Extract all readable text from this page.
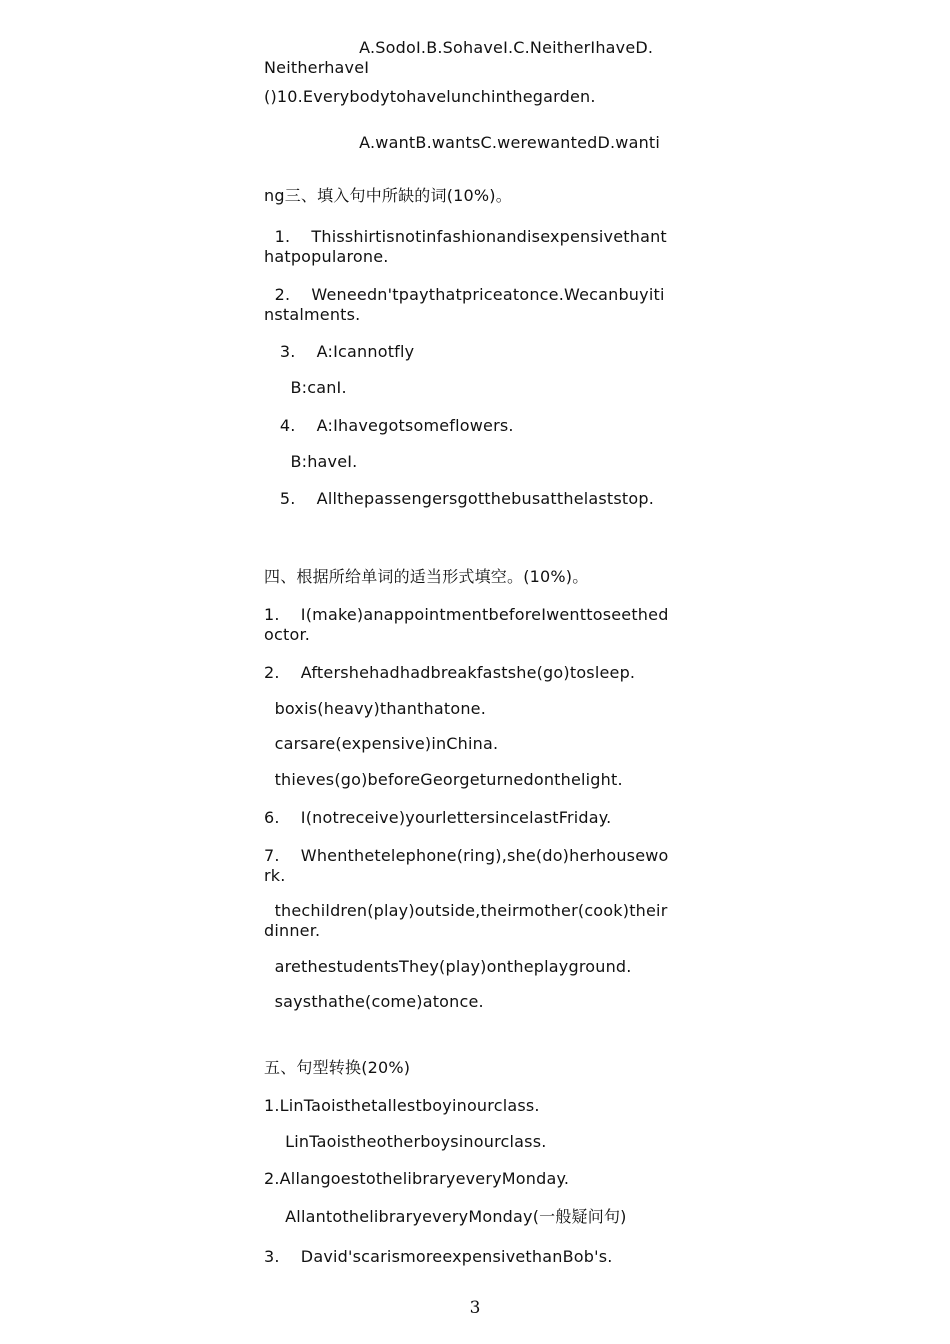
A.SodoI.B.SohaveI.C.NeitherIhaveD.
NeitherhaveI

()10.Everybodytohavelunchinthegarden.

A.wantB.wantsC.werewantedD.wanti

ng三、填入句中所缺的词(10%)。

1.    Thisshirtisnotinfashionandisexpensivethant
hatpopularone.

2.    Weneedn'tpaythatpriceatonce.Wecanbuyiti
nstalments.

3.    A:Icannotfly

B:canI.

4.    A:Ihavegotsomeflowers.

B:haveI.

5.    Allthepassengersgotthebusatthelaststop.

四、根据所给单词的适当形式填空。(10%)。

1.    I(make)anappointmentbeforeIwenttoseethed
octor.

2.    Aftershehadhadbreakfastshe(go)tosleep.

boxis(heavy)thanthatone.

carsare(expensive)inChina.

thieves(go)beforeGeorgeturnedonthelight.

6.    I(notreceive)yourlettersincelastFriday.

7.    Whenthetelephone(ring),she(do)herhousewo
rk.

thechildren(play)outside,theirmother(cook)their
dinner.

arethestudentsThey(play)ontheplayground.

saysthathe(come)atonce.

五、句型转换(20%)

1.LinTaoisthetallestboyinourclass.

LinTaoistheotherboysinourclass.

2.AllangoestothelibraryeveryMonday.

AllantothelibraryeveryMonday(一般疑问句)

3.    David'scarismoreexpensivethanBob's.

3
